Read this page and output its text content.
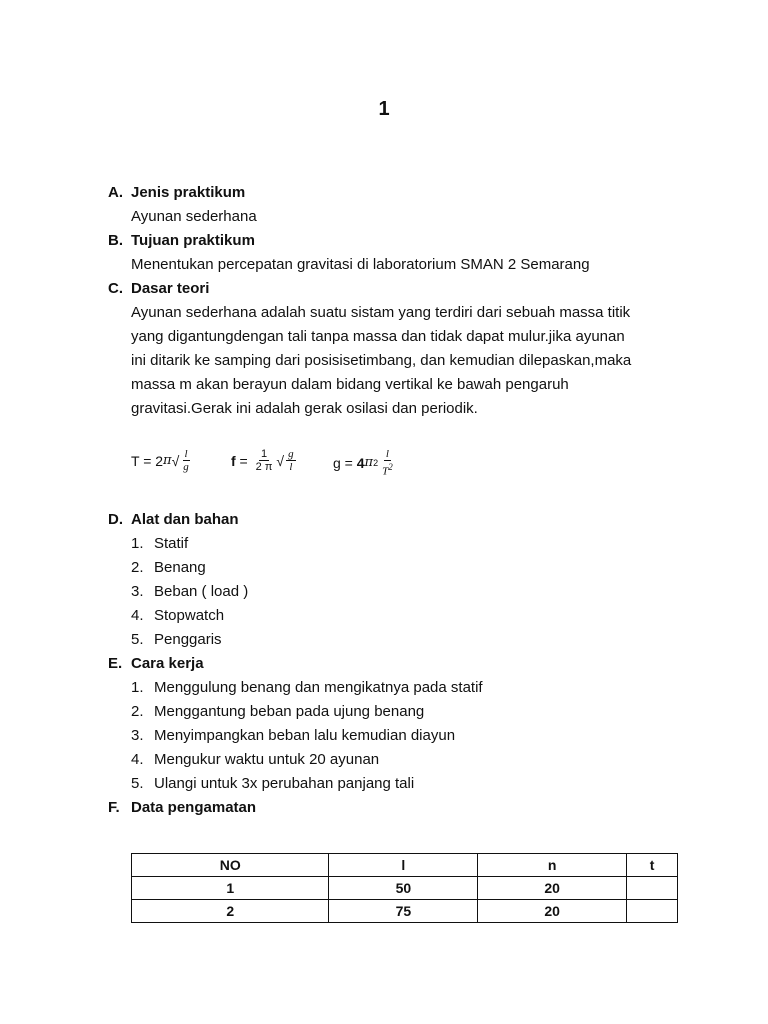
1
A. Jenis praktikum
Ayunan sederhana
B. Tujuan praktikum
Menentukan percepatan gravitasi di laboratorium SMAN 2 Semarang
C. Dasar teori
Ayunan sederhana adalah suatu sistam yang terdiri dari sebuah massa titik
yang digantungdengan tali tanpa massa dan tidak dapat mulur.jika ayunan
ini ditarik ke samping dari posisisetimbang, dan kemudian dilepaskan,maka
massa m akan berayun dalam bidang vertikal ke bawah pengaruh
gravitasi.Gerak ini adalah gerak osilasi dan periodik.
T = 2 π √ $\frac{l}{g}$	$f = \frac{1}{2 \pi}$ √ $\frac{g}{l}$	g = 4 π $2 \frac{l}{T^2}$
D. Alat dan bahan
1. Statif
2. Benang
3. Beban ( load )
4. Stopwatch
5. Penggaris
E. Cara kerja
1. Menggulung benang dan mengikatnya pada statif
2. Menggantung beban pada ujung benang
3. Menyimpangkan beban lalu kemudian diayun
4. Mengukur waktu untuk 20 ayunan
5. Ulangi untuk 3x perubahan panjang tali
F. Data pengamatan
NO	l	n	t
1	50	20	
2	75	20	
